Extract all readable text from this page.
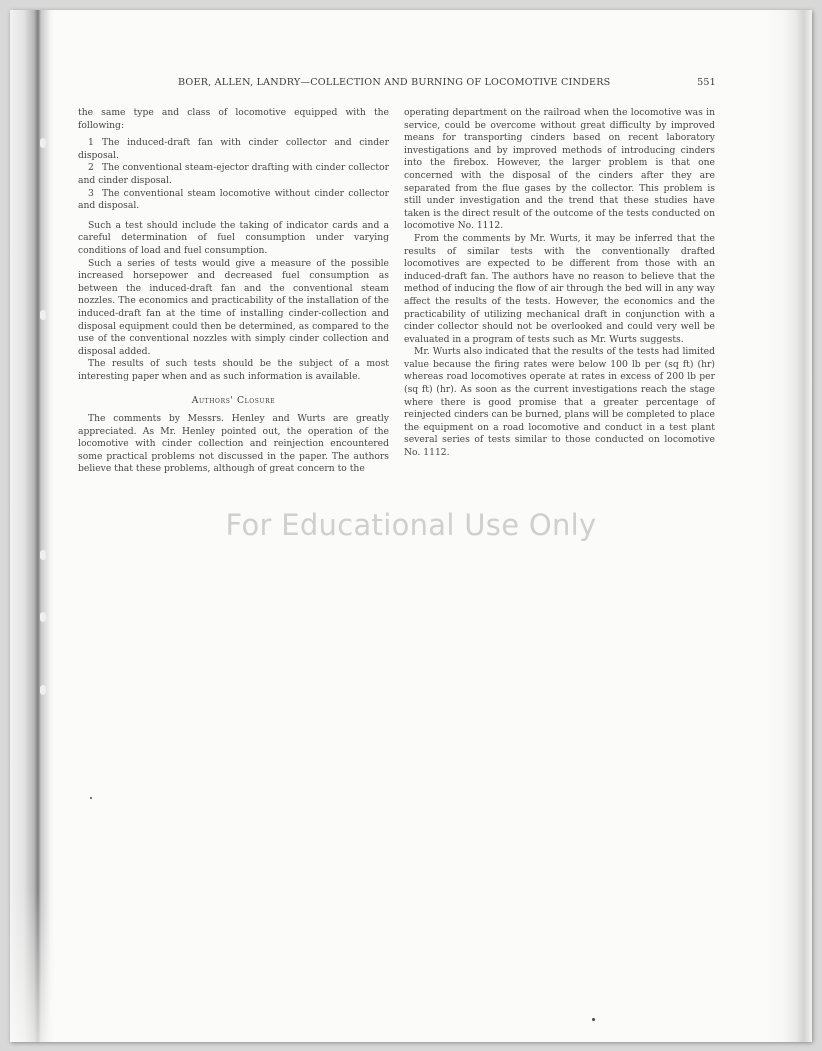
BOER, ALLEN, LANDRY—COLLECTION AND BURNING OF LOCOMOTIVE CINDERS	551

the same type and class of locomotive equipped with the following:

1 The induced-draft fan with cinder collector and cinder disposal.
2 The conventional steam-ejector drafting with cinder collector and cinder disposal.
3 The conventional steam locomotive without cinder collector and disposal.

Such a test should include the taking of indicator cards and a careful determination of fuel consumption under varying conditions of load and fuel consumption.

Such a series of tests would give a measure of the possible increased horsepower and decreased fuel consumption as between the induced-draft fan and the conventional steam nozzles. The economics and practicability of the installation of the induced-draft fan at the time of installing cinder-collection and disposal equipment could then be determined, as compared to the use of the conventional nozzles with simply cinder collection and disposal added.

The results of such tests should be the subject of a most interesting paper when and as such information is available.

Authors' Closure

The comments by Messrs. Henley and Wurts are greatly appreciated. As Mr. Henley pointed out, the operation of the locomotive with cinder collection and reinjection encountered some practical problems not discussed in the paper. The authors believe that these problems, although of great concern to the

operating department on the railroad when the locomotive was in service, could be overcome without great difficulty by improved means for transporting cinders based on recent laboratory investigations and by improved methods of introducing cinders into the firebox. However, the larger problem is that one concerned with the disposal of the cinders after they are separated from the flue gases by the collector. This problem is still under investigation and the trend that these studies have taken is the direct result of the outcome of the tests conducted on locomotive No. 1112.

From the comments by Mr. Wurts, it may be inferred that the results of similar tests with the conventionally drafted locomotives are expected to be different from those with an induced-draft fan. The authors have no reason to believe that the method of inducing the flow of air through the bed will in any way affect the results of the tests. However, the economics and the practicability of utilizing mechanical draft in conjunction with a cinder collector should not be overlooked and could very well be evaluated in a program of tests such as Mr. Wurts suggests.

Mr. Wurts also indicated that the results of the tests had limited value because the firing rates were below 100 lb per (sq ft) (hr) whereas road locomotives operate at rates in excess of 200 lb per (sq ft) (hr). As soon as the current investigations reach the stage where there is good promise that a greater percentage of reinjected cinders can be burned, plans will be completed to place the equipment on a road locomotive and conduct in a test plant several series of tests similar to those conducted on locomotive No. 1112.

For Educational Use Only
